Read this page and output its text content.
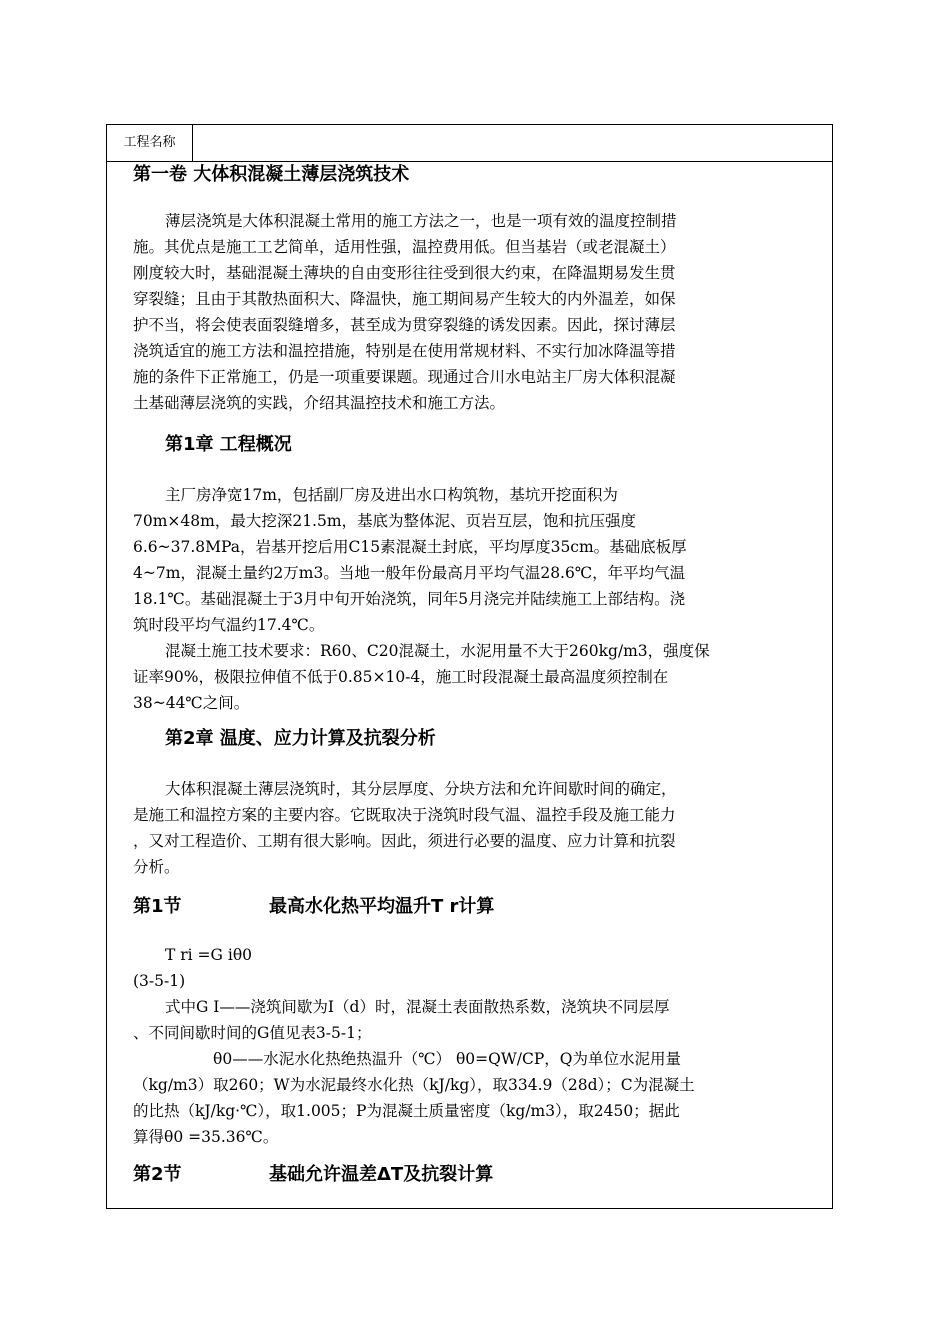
工程名称
第一卷 大体积混凝土薄层浇筑技术
薄层浇筑是大体积混凝土常用的施工方法之一，也是一项有效的温度控制措
施。其优点是施工工艺简单，适用性强，温控费用低。但当基岩（或老混凝土）
刚度较大时，基础混凝土薄块的自由变形往往受到很大约束，在降温期易发生贯
穿裂缝；且由于其散热面积大、降温快，施工期间易产生较大的内外温差，如保
护不当，将会使表面裂缝增多，甚至成为贯穿裂缝的诱发因素。因此，探讨薄层
浇筑适宜的施工方法和温控措施，特别是在使用常规材料、不实行加冰降温等措
施的条件下正常施工，仍是一项重要课题。现通过合川水电站主厂房大体积混凝
土基础薄层浇筑的实践，介绍其温控技术和施工方法。
第1章 工程概况
主厂房净宽17m，包括副厂房及进出水口构筑物，基坑开挖面积为
70m×48m，最大挖深21.5m，基底为整体泥、页岩互层，饱和抗压强度
6.6~37.8MPa，岩基开挖后用C15素混凝土封底，平均厚度35cm。基础底板厚
4~7m，混凝土量约2万m3。当地一般年份最高月平均气温28.6℃，年平均气温
18.1℃。基础混凝土于3月中旬开始浇筑，同年5月浇完并陆续施工上部结构。浇
筑时段平均气温约17.4℃。
混凝土施工技术要求：R60、C20混凝土，水泥用量不大于260kg/m3，强度保
证率90%，极限拉伸值不低于0.85×10-4，施工时段混凝土最高温度须控制在
38~44℃之间。
第2章 温度、应力计算及抗裂分析
大体积混凝土薄层浇筑时，其分层厚度、分块方法和允许间歇时间的确定，
是施工和温控方案的主要内容。它既取决于浇筑时段气温、温控手段及施工能力
，又对工程造价、工期有很大影响。因此，须进行必要的温度、应力计算和抗裂
分析。
第1节	最高水化热平均温升T r计算
T ri =G iθ0
(3-5-1)
式中G I——浇筑间歇为I（d）时，混凝土表面散热系数，浇筑块不同层厚
、不同间歇时间的G值见表3-5-1；
θ0——水泥水化热绝热温升（℃） θ0=QW/CP，Q为单位水泥用量
（kg/m3）取260；W为水泥最终水化热（kJ/kg），取334.9（28d）；C为混凝土
的比热（kJ/kg·℃），取1.005；P为混凝土质量密度（kg/m3），取2450；据此
算得θ0 =35.36℃。
第2节	基础允许温差ΔT及抗裂计算
